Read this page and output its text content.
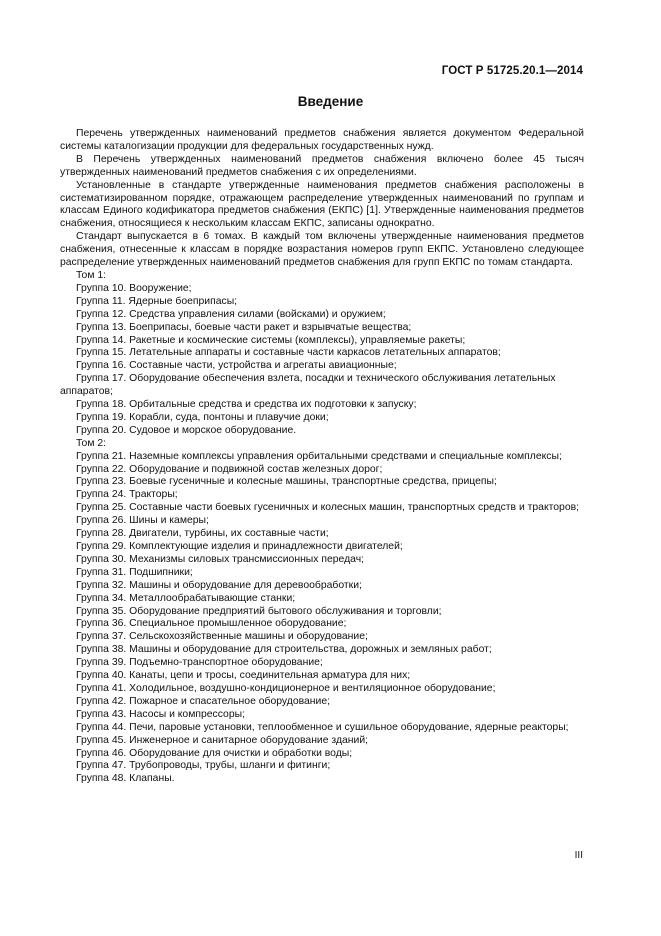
ГОСТ Р 51725.20.1—2014
Введение

Перечень утвержденных наименований предметов снабжения является документом Федеральной системы каталогизации продукции для федеральных государственных нужд.

В Перечень утвержденных наименований предметов снабжения включено более 45 тысяч утвержденных наименований предметов снабжения с их определениями.

Установленные в стандарте утвержденные наименования предметов снабжения расположены в систематизированном порядке, отражающем распределение утвержденных наименований по группам и классам Единого кодификатора предметов снабжения (ЕКПС) [1]. Утвержденные наименования предметов снабжения, относящиеся к нескольким классам ЕКПС, записаны однократно.

Стандарт выпускается в 6 томах. В каждый том включены утвержденные наименования предметов снабжения, отнесенные к классам в порядке возрастания номеров групп ЕКПС. Установлено следующее распределение утвержденных наименований предметов снабжения для групп ЕКПС по томам стандарта.

Том 1:

Группа 10. Вооружение;

Группа 11. Ядерные боеприпасы;

Группа 12. Средства управления силами (войсками) и оружием;

Группа 13. Боеприпасы, боевые части ракет и взрывчатые вещества;

Группа 14. Ракетные и космические системы (комплексы), управляемые ракеты;

Группа 15. Летательные аппараты и составные части каркасов летательных аппаратов;

Группа 16. Составные части, устройства и агрегаты авиационные;

Группа 17. Оборудование обеспечения взлета, посадки и технического обслуживания летательных аппаратов;

Группа 18. Орбитальные средства и средства их подготовки к запуску;

Группа 19. Корабли, суда, понтоны и плавучие доки;

Группа 20. Судовое и морское оборудование.

Том 2:

Группа 21. Наземные комплексы управления орбитальными средствами и специальные комплексы;

Группа 22. Оборудование и подвижной состав железных дорог;

Группа 23. Боевые гусеничные и колесные машины, транспортные средства, прицепы;

Группа 24. Тракторы;

Группа 25. Составные части боевых гусеничных и колесных машин, транспортных средств и тракторов;

Группа 26. Шины и камеры;

Группа 28. Двигатели, турбины, их составные части;

Группа 29. Комплектующие изделия и принадлежности двигателей;

Группа 30. Механизмы силовых трансмиссионных передач;

Группа 31. Подшипники;

Группа 32. Машины и оборудование для деревообработки;

Группа 34. Металлообрабатывающие станки;

Группа 35. Оборудование предприятий бытового обслуживания и торговли;

Группа 36. Специальное промышленное оборудование;

Группа 37. Сельскохозяйственные машины и оборудование;

Группа 38. Машины и оборудование для строительства, дорожных и земляных работ;

Группа 39. Подъемно-транспортное оборудование;

Группа 40. Канаты, цепи и тросы, соединительная арматура для них;

Группа 41. Холодильное, воздушно-кондиционерное и вентиляционное оборудование;

Группа 42. Пожарное и спасательное оборудование;

Группа 43. Насосы и компрессоры;

Группа 44. Печи, паровые установки, теплообменное и сушильное оборудование, ядерные реакторы;

Группа 45. Инженерное и санитарное оборудование зданий;

Группа 46. Оборудование для очистки и обработки воды;

Группа 47. Трубопроводы, трубы, шланги и фитинги;

Группа 48. Клапаны.

III
